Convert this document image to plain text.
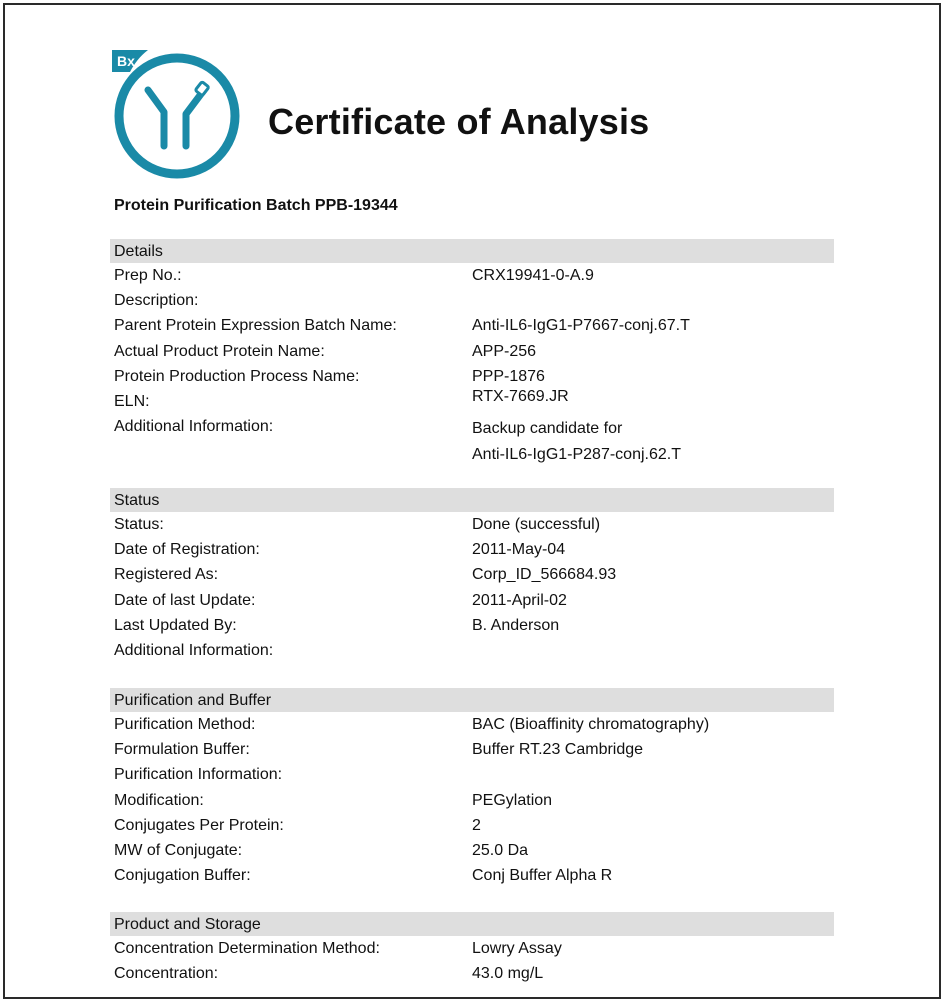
Bx
Certificate of Analysis
Protein Purification Batch PPB-19344
Details
Prep No.:	CRX19941-0-A.9
Description:
Parent Protein Expression Batch Name:	Anti-IL6-IgG1-P7667-conj.67.T
Actual Product Protein Name:	APP-256
Protein Production Process Name:	PPP-1876
ELN:	RTX-7669.JR
Additional Information:	Backup candidate for
Anti-IL6-IgG1-P287-conj.62.T
Status
Status:	Done (successful)
Date of Registration:	2011-May-04
Registered As:	Corp_ID_566684.93
Date of last Update:	2011-April-02
Last Updated By:	B. Anderson
Additional Information:
Purification and Buffer
Purification Method:	BAC (Bioaffinity chromatography)
Formulation Buffer:	Buffer RT.23 Cambridge
Purification Information:
Modification:	PEGylation
Conjugates Per Protein:	2
MW of Conjugate:	25.0 Da
Conjugation Buffer:	Conj Buffer Alpha R
Product and Storage
Concentration Determination Method:	Lowry Assay
Concentration:	43.0 mg/L
